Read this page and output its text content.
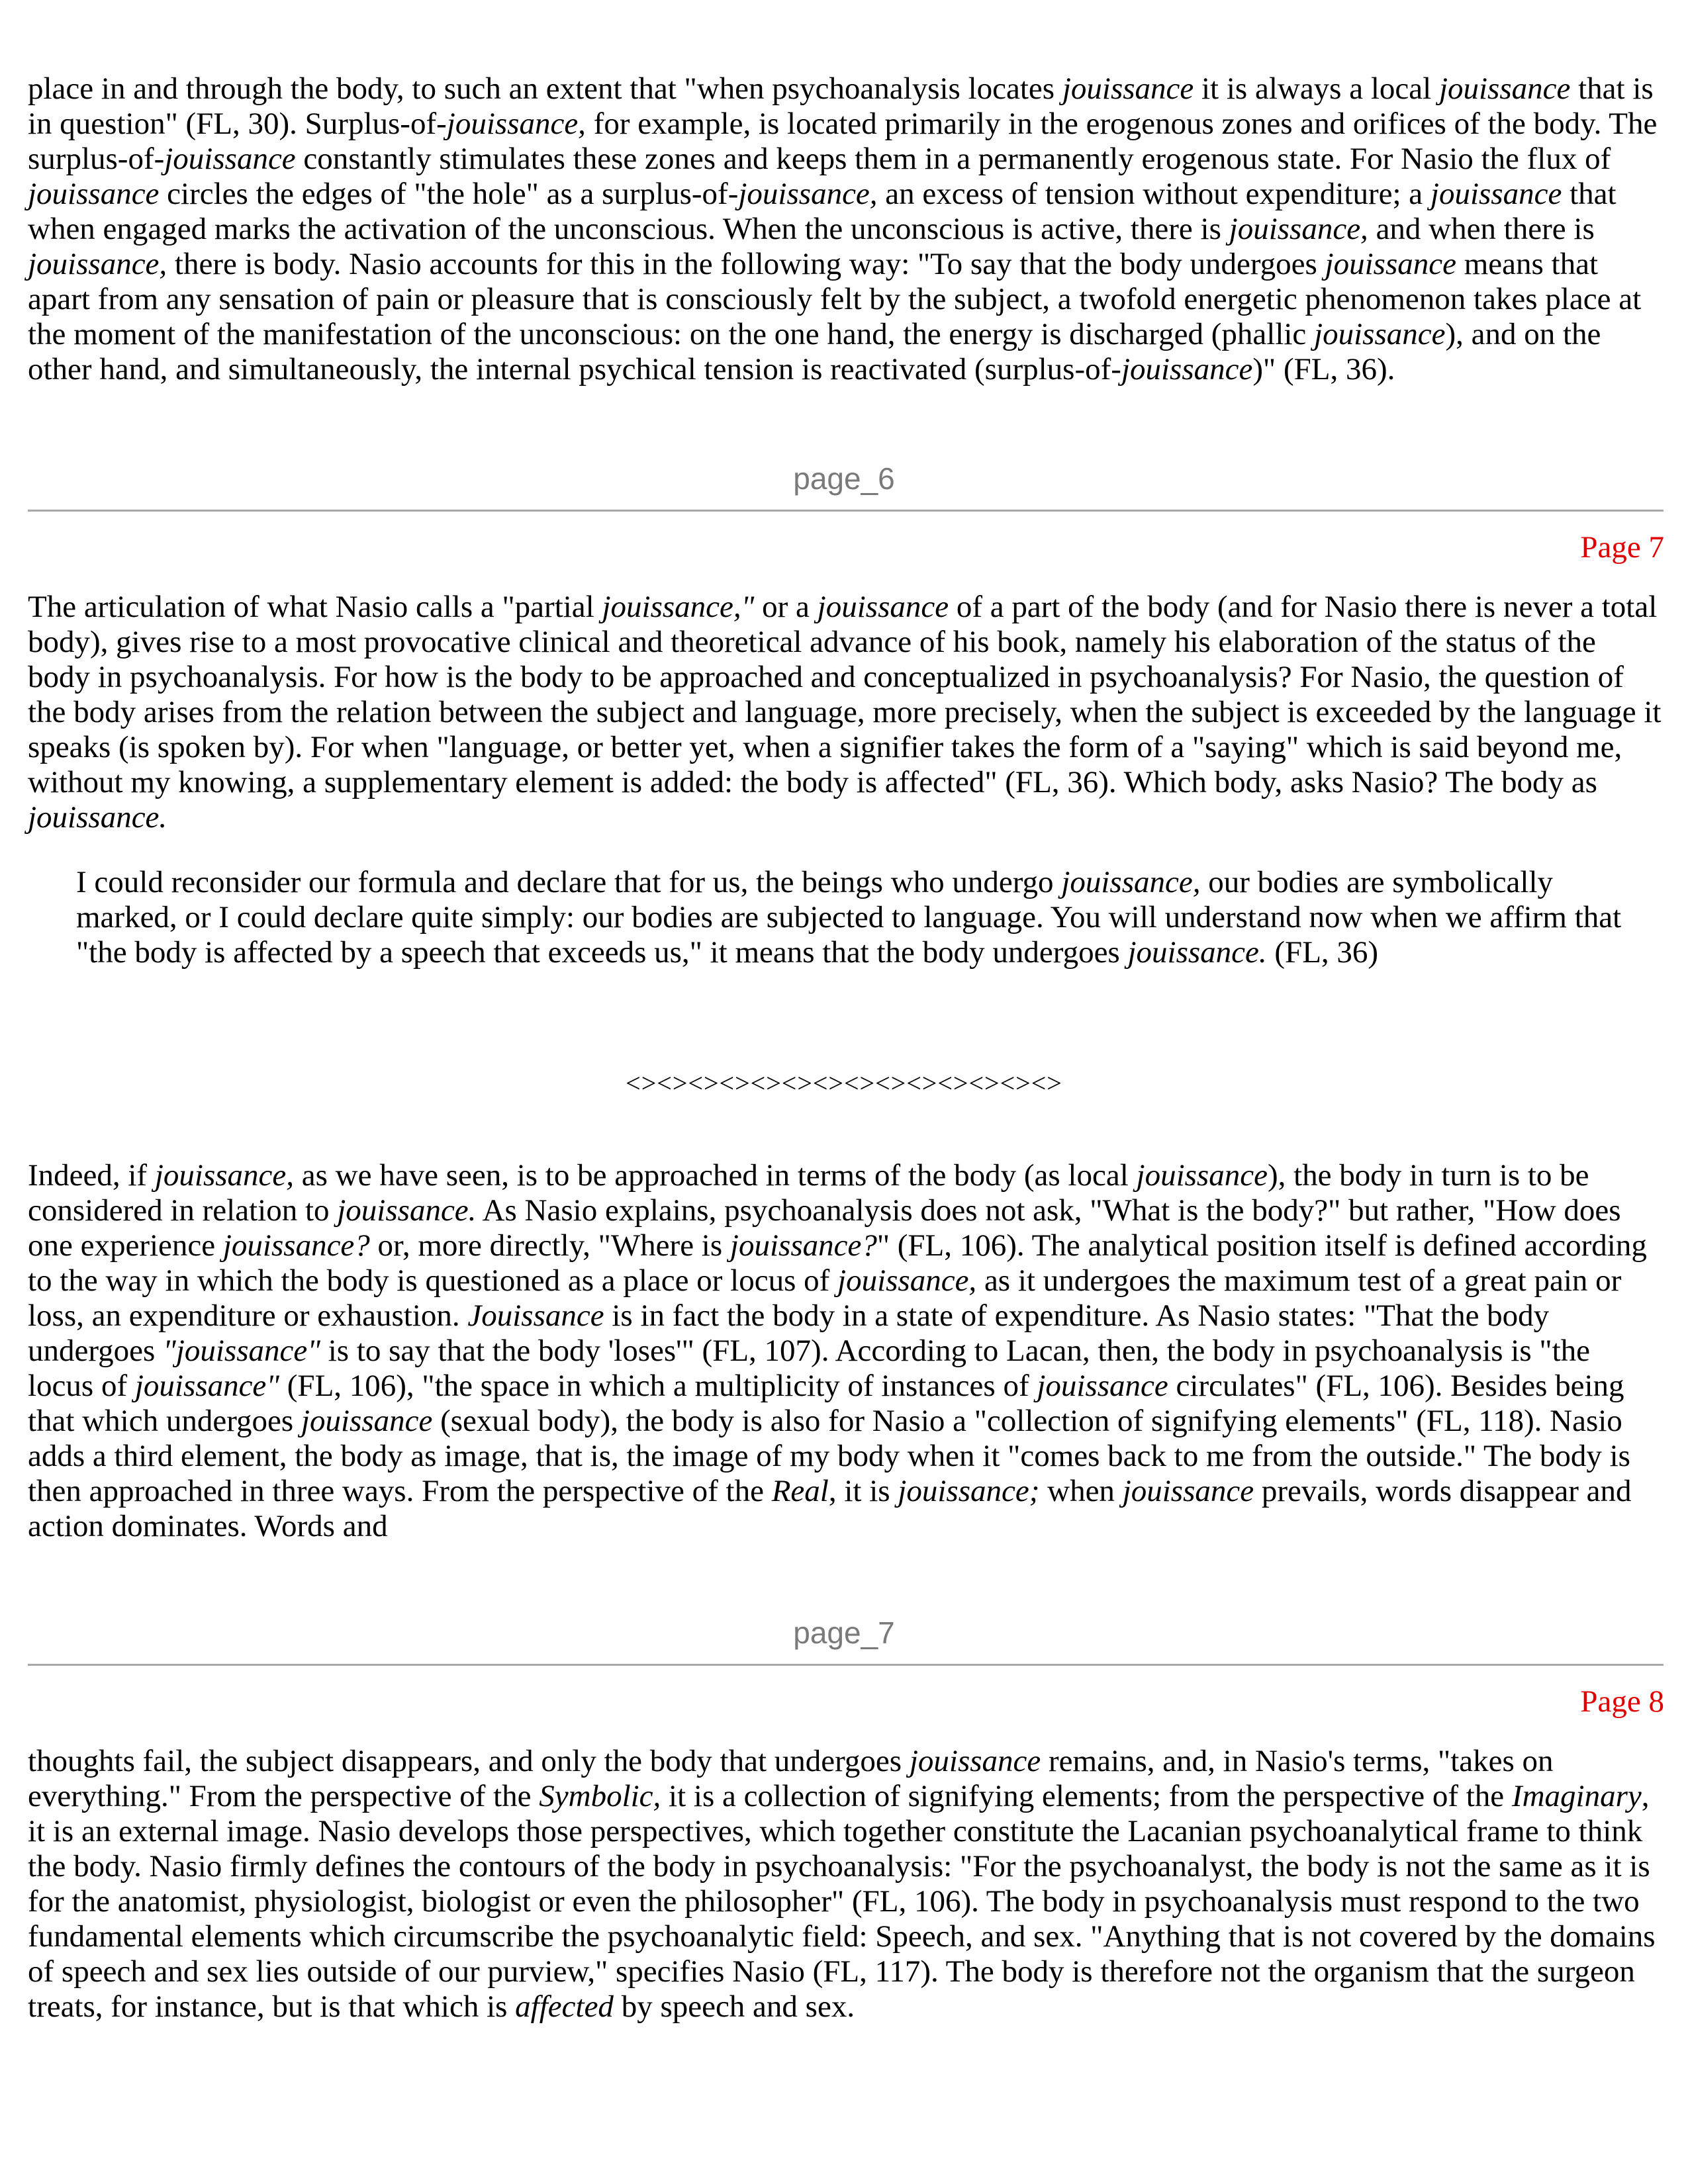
place in and through the body, to such an extent that "when psychoanalysis locates jouissance it is always a local jouissance that is in question" (FL, 30). Surplus-of-jouissance, for example, is located primarily in the erogenous zones and orifices of the body. The surplus-of-jouissance constantly stimulates these zones and keeps them in a permanently erogenous state. For Nasio the flux of jouissance circles the edges of "the hole" as a surplus-of-jouissance, an excess of tension without expenditure; a jouissance that when engaged marks the activation of the unconscious. When the unconscious is active, there is jouissance, and when there is jouissance, there is body. Nasio accounts for this in the following way: "To say that the body undergoes jouissance means that apart from any sensation of pain or pleasure that is consciously felt by the subject, a twofold energetic phenomenon takes place at the moment of the manifestation of the unconscious: on the one hand, the energy is discharged (phallic jouissance), and on the other hand, and simultaneously, the internal psychical tension is reactivated (surplus-of-jouissance)" (FL, 36).

page_6
Page 7

The articulation of what Nasio calls a "partial jouissance," or a jouissance of a part of the body (and for Nasio there is never a total body), gives rise to a most provocative clinical and theoretical advance of his book, namely his elaboration of the status of the body in psychoanalysis. For how is the body to be approached and conceptualized in psychoanalysis? For Nasio, the question of the body arises from the relation between the subject and language, more precisely, when the subject is exceeded by the language it speaks (is spoken by). For when "language, or better yet, when a signifier takes the form of a "saying" which is said beyond me, without my knowing, a supplementary element is added: the body is affected" (FL, 36). Which body, asks Nasio? The body as jouissance.

I could reconsider our formula and declare that for us, the beings who undergo jouissance, our bodies are symbolically marked, or I could declare quite simply: our bodies are subjected to language. You will understand now when we affirm that "the body is affected by a speech that exceeds us," it means that the body undergoes jouissance. (FL, 36)

<><><><><><><><><><><><><><>

Indeed, if jouissance, as we have seen, is to be approached in terms of the body (as local jouissance), the body in turn is to be considered in relation to jouissance. As Nasio explains, psychoanalysis does not ask, "What is the body?" but rather, "How does one experience jouissance? or, more directly, "Where is jouissance?" (FL, 106). The analytical position itself is defined according to the way in which the body is questioned as a place or locus of jouissance, as it undergoes the maximum test of a great pain or loss, an expenditure or exhaustion. Jouissance is in fact the body in a state of expenditure. As Nasio states: "That the body undergoes "jouissance" is to say that the body 'loses'" (FL, 107). According to Lacan, then, the body in psychoanalysis is "the locus of jouissance" (FL, 106), "the space in which a multiplicity of instances of jouissance circulates" (FL, 106). Besides being that which undergoes jouissance (sexual body), the body is also for Nasio a "collection of signifying elements" (FL, 118). Nasio adds a third element, the body as image, that is, the image of my body when it "comes back to me from the outside." The body is then approached in three ways. From the perspective of the Real, it is jouissance; when jouissance prevails, words disappear and action dominates. Words and

page_7
Page 8

thoughts fail, the subject disappears, and only the body that undergoes jouissance remains, and, in Nasio's terms, "takes on everything." From the perspective of the Symbolic, it is a collection of signifying elements; from the perspective of the Imaginary, it is an external image. Nasio develops those perspectives, which together constitute the Lacanian psychoanalytical frame to think the body. Nasio firmly defines the contours of the body in psychoanalysis: "For the psychoanalyst, the body is not the same as it is for the anatomist, physiologist, biologist or even the philosopher" (FL, 106). The body in psychoanalysis must respond to the two fundamental elements which circumscribe the psychoanalytic field: Speech, and sex. "Anything that is not covered by the domains of speech and sex lies outside of our purview," specifies Nasio (FL, 117). The body is therefore not the organism that the surgeon treats, for instance, but is that which is affected by speech and sex.
